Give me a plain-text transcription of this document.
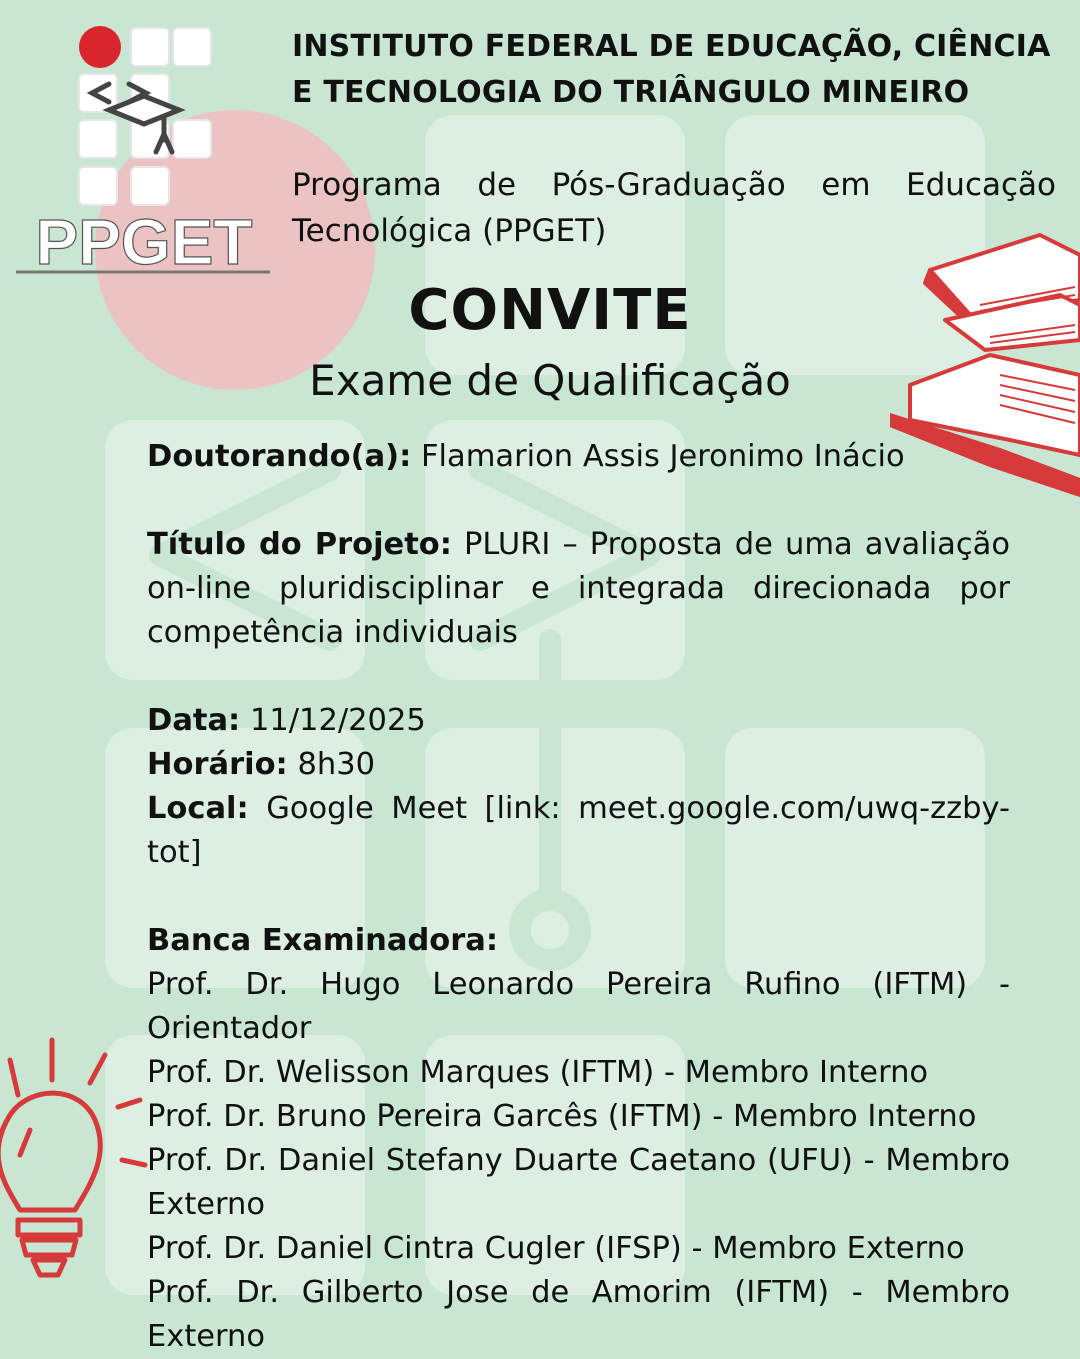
PPGET
INSTITUTO FEDERAL DE EDUCAÇÃO, CIÊNCIA E TECNOLOGIA DO TRIÂNGULO MINEIRO
Programa de Pós-Graduação em Educação Tecnológica (PPGET)
CONVITE
Exame de Qualificação

Doutorando(a): Flamarion Assis Jeronimo Inácio

Título do Projeto: PLURI – Proposta de uma avaliação on-line pluridisciplinar e integrada direcionada por competência individuais

Data: 11/12/2025

Horário: 8h30

Local: Google Meet [link: meet.google.com/uwq-zzby-tot]

Banca Examinadora:

Prof. Dr. Hugo Leonardo Pereira Rufino (IFTM) - Orientador

Prof. Dr. Welisson Marques (IFTM) - Membro Interno

Prof. Dr. Bruno Pereira Garcês (IFTM) - Membro Interno

Prof. Dr. Daniel Stefany Duarte Caetano (UFU) - Membro Externo

Prof. Dr. Daniel Cintra Cugler (IFSP) - Membro Externo

Prof. Dr. Gilberto Jose de Amorim (IFTM) - Membro Externo
